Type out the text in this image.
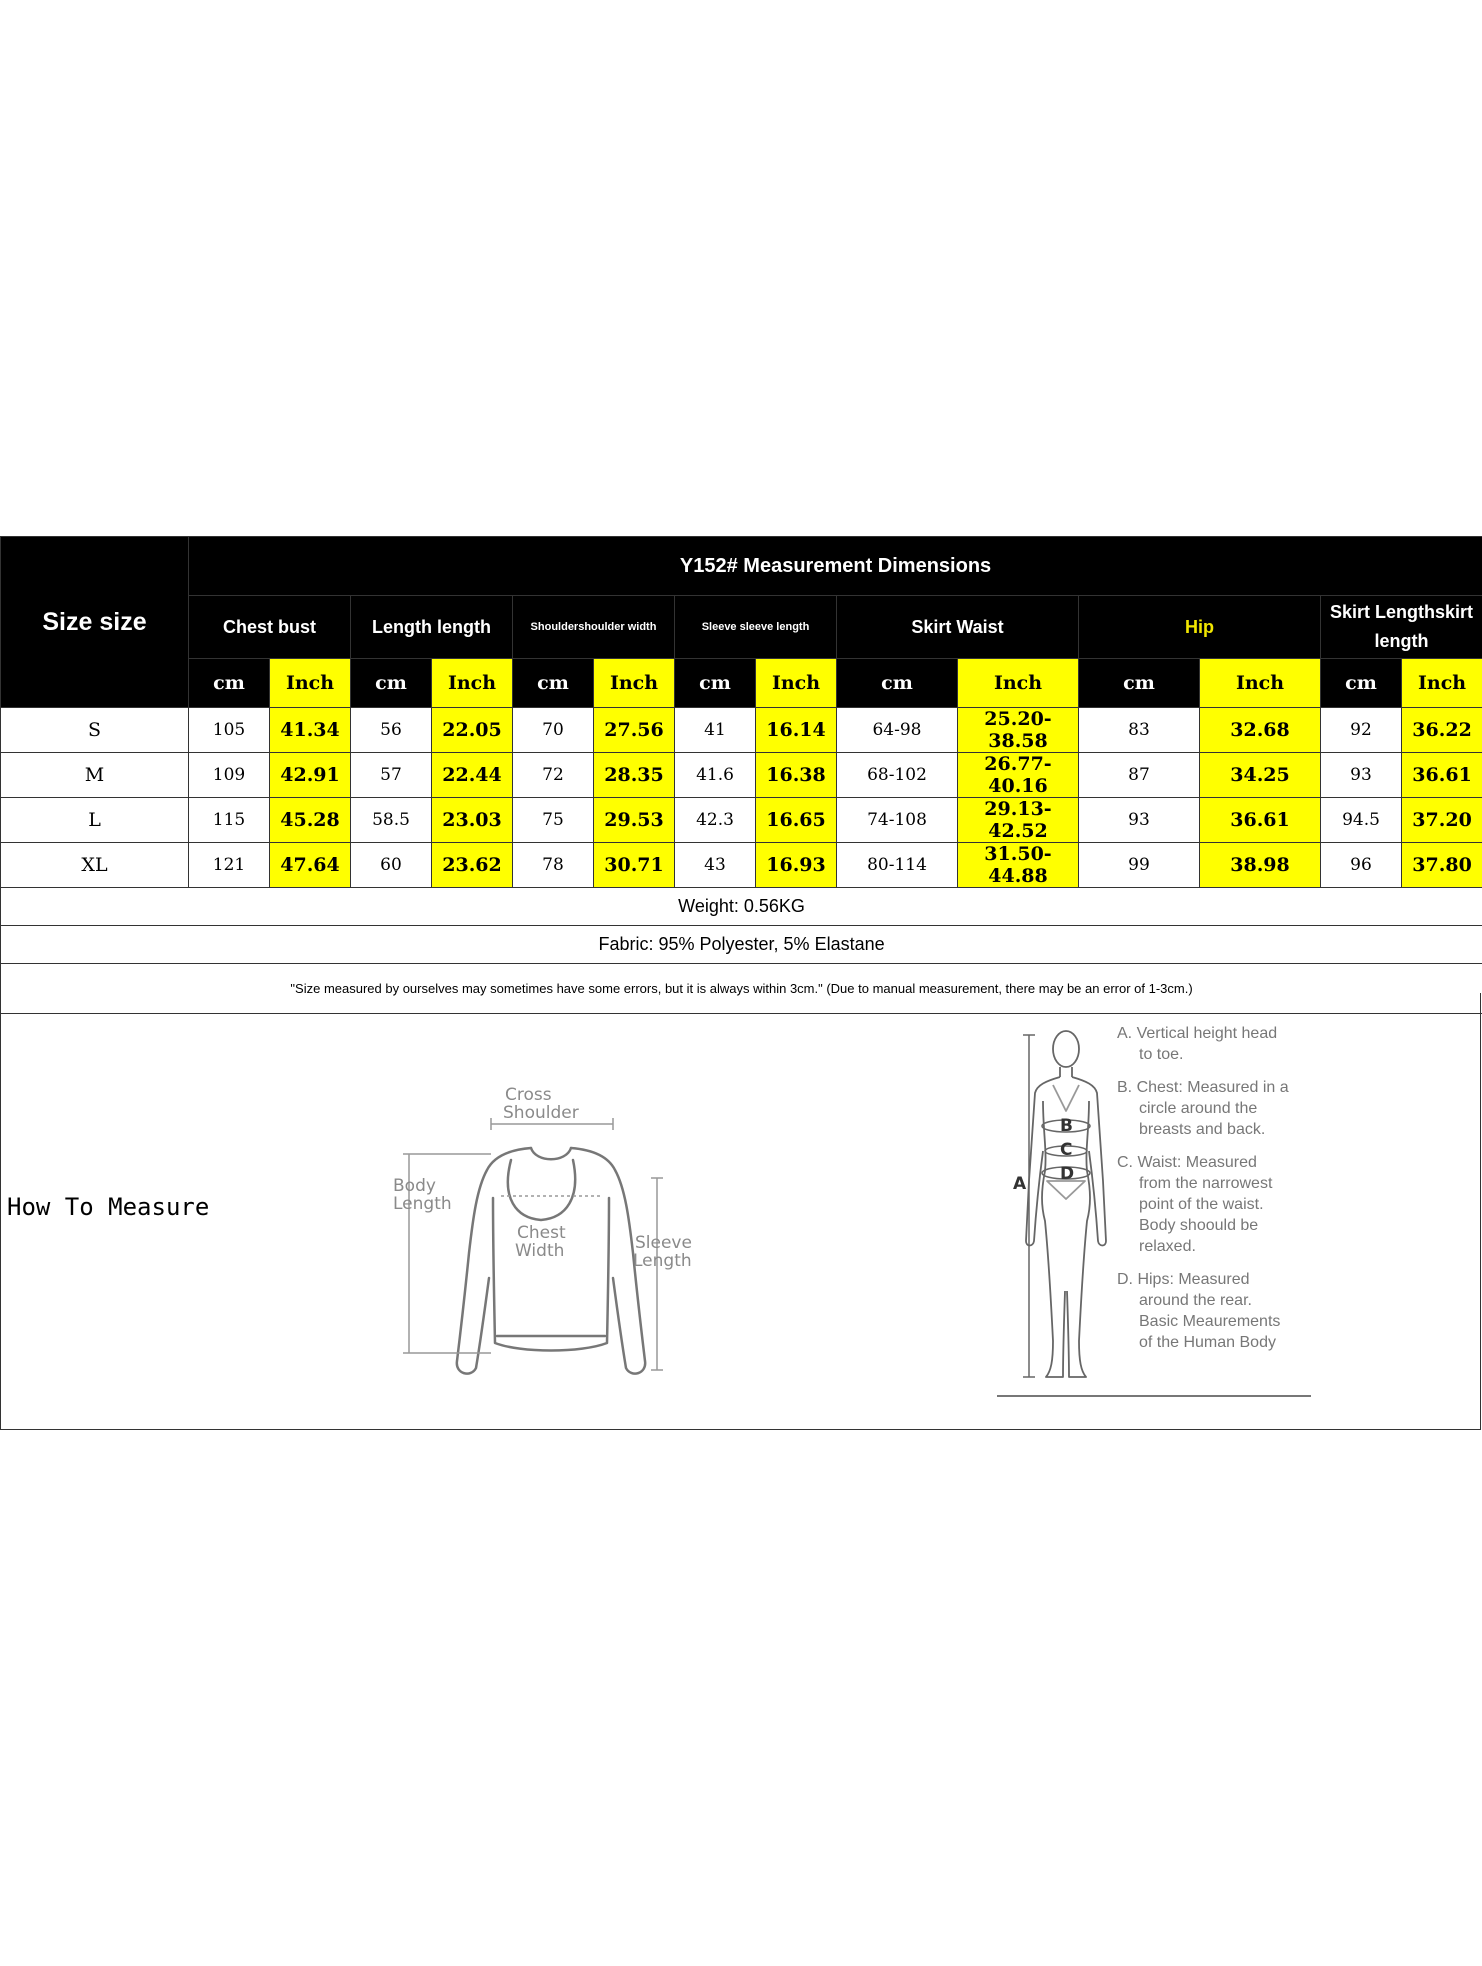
Size size	Y152# Measurement Dimensions													
	Chest bust		Length length		Shouldershoulder width		Sleeve sleeve length		Skirt Waist		Hip		Skirt Lengthskirt length	
	cm	Inch	cm	Inch	cm	Inch	cm	Inch	cm	Inch	cm	Inch	cm	Inch
S	105	41.34	56	22.05	70	27.56	41	16.14	64-98	25.20-38.58	83	32.68	92	36.22
M	109	42.91	57	22.44	72	28.35	41.6	16.38	68-102	26.77-40.16	87	34.25	93	36.61
L	115	45.28	58.5	23.03	75	29.53	42.3	16.65	74-108	29.13-42.52	93	36.61	94.5	37.20
XL	121	47.64	60	23.62	78	30.71	43	16.93	80-114	31.50-44.88	99	38.98	96	37.80
Weight: 0.56KG														
Fabric: 95% Polyester, 5% Elastane														
"Size measured by ourselves may sometimes have some errors, but it is always within 3cm." (Due to manual measurement, there may be an error of 1-3cm.)														
How To Measure
Cross
Shoulder
Body
Length
Chest
Width	Sleeve
Length
B
C
D
A

A. Vertical height head
to toe.

B. Chest: Measured in a
circle around the
breasts and back.

C. Waist: Measured
from the narrowest
point of the waist.
Body shoould be
relaxed.

D. Hips: Measured
around the rear.
Basic Meaurements
of the Human Body
